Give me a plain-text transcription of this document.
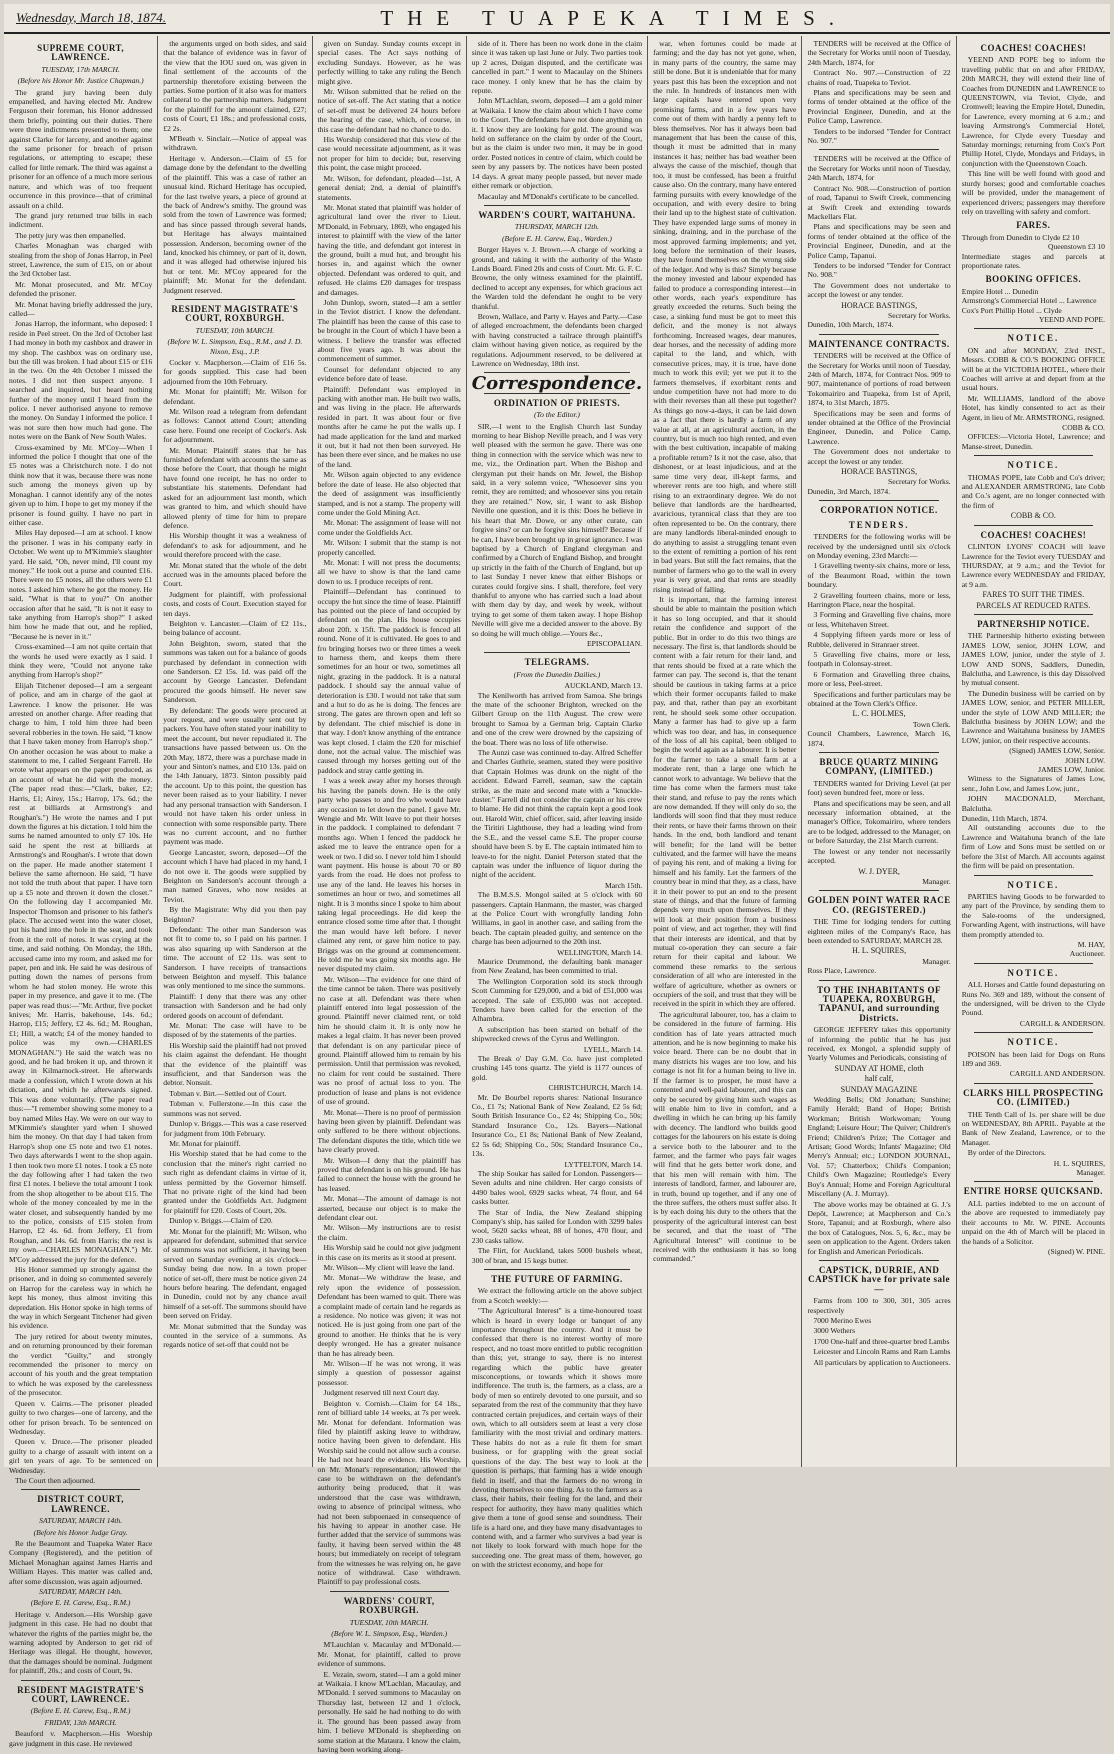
Wednesday, March 18, 1874.	THE TUAPEKA TIMES.
SUPREME COURT, LAWRENCE.
TUESDAY, 17th MARCH.
(Before his Honor Mr. Justice Chapman.)

The grand jury having been duly empanelled, and having elected Mr. Andrew Ferguson their foreman, his Honor addressed them briefly, pointing out their duties. There were three indictments presented to them; one against Clarke for larceny, and another against the same prisoner for breach of prison regulations, or attempting to escape; these called for little remark. The third was against a prisoner for an offence of a much more serious nature, and which was of too frequent occurrence in this province—that of criminal assault on a child.

The grand jury returned true bills in each indictment.

The petty jury was then empanelled.

Charles Monaghan was charged with stealing from the shop of Jonas Harrop, in Peel street, Lawrence, the sum of £15, on or about the 3rd October last.

Mr. Monat prosecuted, and Mr. M'Coy defended the prisoner.

Mr. Monat having briefly addressed the jury, called—

Jonas Harrop, the informant, who deposed: I reside in Peel street. On the 3rd of October last I had money in both my cashbox and drawer in my shop. The cashbox was on ordinary use, but the till was broken. I had about £15 or £16 in the two. On the 4th October I missed the notes. I did not then suspect anyone. I searched and inquired, but heard nothing further of the money until I heard from the police. I never authorised anyone to remove the money. On Sunday I informed the police. I was not sure then how much had gone. The notes were on the Bank of New South Wales.

Cross-examined by Mr. M'Coy—When I informed the police I thought that one of the £5 notes was a Christchurch note. I do not think now that it was, because there was none such among the moneys given up by Monaghan. I cannot identify any of the notes given up to him. I hope to get my money if the prisoner is found guilty. I have no part in either case.

Miles Hay deposed—I am at school. I know the prisoner. I was in his company early in October. We went up to M'Kimmie's slaughter yard. He said, "Oh, never mind, I'll count my money." He took out a purse and counted £16. There were no £5 notes, all the others were £1 notes. I asked him where he got the money. He said, "What is that to you?" On another occasion after that he said, "It is not it easy to take anything from Harrop's shop?" I asked him how he made that out, and he replied, "Because he is never in it."

Cross-examined—I am not quite certain that the words he used were exactly as I said. I think they were, "Could not anyone take anything from Harrop's shop?"

Elijah Titchener deposed—I am a sergeant of police, and am in charge of the gaol at Lawrence. I know the prisoner. He was arrested on another charge. After reading that charge to him, I told him three had been several robberies in the town. He said, "I know that I have taken money from Harrop's shop." On another occasion he was about to make a statement to me, I called Sergeant Farrell. He wrote what appears on the paper produced, as an account of what he did with the money. (The paper read thus:—"Clark, baker, £2; Harris, £1; Airey, 15s.; Harrop, 17s. 6d.; the rest at billiards at Armstrong's and Roughan's.") He wrote the names and I put down the figures at his dictation. I told him the sums he named amounted to only £7 10s. He said he spent the rest at billiards at Armstrong's and Roughan's. I wrote that down on the paper. He made another statement I believe the same afternoon. He said, "I have not told the truth about that paper. I have torn up a £5 note and thrown it down the closet." On the following day I accompanied Mr. Inspector Thomson and prisoner to his father's place. The accused went into the water closet, put his hand into the hole in the seat, and took from it the roll of notes. It was crying at the time, and said nothing. On Monday, the 18th, accused came into my room, and asked me for paper, pen and ink. He said he was desirous of putting down the names of persons from whom he had stolen money. He wrote this paper in my presence, and gave it to me. (The paper was read thus:—"Mr. Arthur, five pocket knives; Mr. Harris, bakehouse, 14s. 6d.; Harrop, £15; Jeffery, £2 4s. 6d.; M. Roughan, £1; Hill, a watch; £4 of the money handed to police was my own.—CHARLES MONAGHAN.") He said the watch was no good, and he had broken it up, and thrown it away in Kilmarnock-street. He afterwards made a confession, which I wrote down at his dictation, and which he afterwards signed. This was done voluntarily. (The paper read thus:—"I remember showing some money to a boy named Miles Hay. We were on our way to M'Kimmie's slaughter yard when I showed him the money. On that day I had taken from Harrop's shop one £5 note and two £1 notes. Two days afterwards I went to the shop again. I then took two more £1 notes. I took a £5 note the day following after I had taken the two first £1 notes. I believe the total amount I took from the shop altogether to be about £15. The whole of the money concealed by me in the water closet, and subsequently handed by me to the police, consists of £15 stolen from Harrop, £2 4s. 6d. from Jeffery, £1 from Roughan, and 14s. 6d. from Harris; the rest is my own.—CHARLES MONAGHAN.") Mr. M'Coy addressed the jury for the defence.

His Honor summed up strongly against the prisoner, and in doing so commented severely on Harrop for the careless way in which he kept his money, thus almost inviting this depredation. His Honor spoke in high terms of the way in which Sergeant Titchener had given his evidence.

The jury retired for about twenty minutes, and on returning pronounced by their foreman the verdict "Guilty," and strongly recommended the prisoner to mercy on account of his youth and the great temptation to which he was exposed by the carelessness of the prosecutor.

Queen v. Cairns.—The prisoner pleaded guilty to two charges—one of larceny, and the other for prison breach. To be sentenced on Wednesday.

Queen v. Druce.—The prisoner pleaded guilty to a charge of assault with intent on a girl ten years of age. To be sentenced on Wednesday.

The Court then adjourned.

DISTRICT COURT, LAWRENCE.
SATURDAY, MARCH 14th.
(Before his Honor Judge Gray.

Re the Beaumont and Tuapeka Water Race Company (Registered), and the petition of Michael Monaghan against James Harris and William Hayes. This matter was called and, after some discussion, was again adjourned.

SATURDAY, MARCH 14th.
(Before E. H. Carew, Esq., R.M.)

Heritage v. Anderson.—His Worship gave judgment in this case. He had no doubt that whatever the rights of the parties might be, the warning adopted by Anderson to get rid of Heritage was illegal. He thought, however, that the damages should be nominal. Judgment for plaintiff, 20s.; and costs of Court, 9s.

RESIDENT MAGISTRATE'S COURT, LAWRENCE.
(Before E. H. Carew, Esq., R.M.)
FRIDAY, 13th MARCH.

Beauford v. Macpherson.—His Worship gave judgment in this case. He reviewed

the arguments urged on both sides, and said that the balance of evidence was in favor of the view that the IOU sued on, was given in final settlement of the accounts of the partnership theretofore existing between the parties. Some portion of it also was for matters collateral to the partnership matters. Judgment for the plaintiff for the amount claimed, £27; costs of Court, £1 18s.; and professional costs, £2 2s.

M'Beath v. Sinclair.—Notice of appeal was withdrawn.

Heritage v. Anderson.—Claim of £5 for damage done by the defendant to the dwelling of the plaintiff. This was a case of rather an unusual kind. Richard Heritage has occupied, for the last twelve years, a piece of ground at the back of Andrew's smithy. The ground was sold from the town of Lawrence was formed; and has since passed through several hands, but Heritage has always maintained possession. Anderson, becoming owner of the land, knocked his chimney, or part of it, down, and it was alleged had otherwise injured his hut or tent. Mr. M'Coy appeared for the plaintiff; Mr. Monat for the defendant. Judgment reserved.

RESIDENT MAGISTRATE'S COURT, ROXBURGH.
TUESDAY, 10th MARCH.
(Before W. L. Simpson, Esq., R.M., and J. D. Nixon, Esq., J.P.

Cocker v. Macpherson.—Claim of £16 5s. for goods supplied. This case had been adjourned from the 10th February.

Mr. Monat for plaintiff; Mr. Wilson for defendant.

Mr. Wilson read a telegram from defendant as follows: Cannot attend Court; attending case here. Found one receipt of Cocker's. Ask for adjournment.

Mr. Monat: Plaintiff states that he has furnished defendant with accounts the same as those before the Court, that though he might have found one receipt, he has no order to substantiate his statements. Defendant had asked for an adjournment last month, which was granted to him, and which should have allowed plenty of time for him to prepare defence.

His Worship thought it was a weakness of defendant's to ask for adjournment, and he would therefore proceed with the case.

Mr. Monat stated that the whole of the debt accrued was in the amounts placed before the Court.

Judgment for plaintiff, with professional costs, and costs of Court. Execution stayed for ten days.

Beighton v. Lancaster.—Claim of £2 11s., being balance of account.

John Beighton, sworn, stated that the summons was taken out for a balance of goods purchased by defendant in connection with one Sanderson. £2 15s. 1d. was paid off the account by George Lancaster. Defendant procured the goods himself. He never saw Sanderson.

By defendant: The goods were procured at your request, and were usually sent out by packers. You have often stated your inability to meet the account, but never repudiated it. The transactions have passed between us. On the 20th May, 1872, there was a purchase made in your and Sinton's names, and £10 13s. paid on the 14th January, 1873. Sinton possibly paid the account. Up to this point, the question has never been raised as to your liability. I never had any personal transaction with Sanderson. I would not have taken his order unless in connection with some responsible party. There was no current account, and no further payment was made.

George Lancaster, sworn, deposed—Of the account which I have had placed in my hand, I do not owe it. The goods were supplied by Beighton on Sanderson's account through a man named Graves, who now resides at Teviot.

By the Magistrate: Why did you then pay Beighton?

Defendant: The other man Sanderson was not fit to come to, so I paid on his partner. I was also squaring up with Sanderson at the time. The account of £2 11s. was sent to Sanderson. I have receipts of transactions between Beighton and myself. This balance was only mentioned to me since the summons.

Plaintiff: I deny that there was any other transaction with Sanderson and he had only ordered goods on account of defendant.

Mr. Monat: The case will have to be disposed of by the statements of the parties.

His Worship said the plaintiff had not proved his claim against the defendant. He thought that the evidence of the plaintiff was insufficient, and that Sanderson was the debtor. Nonsuit.

Tobman v. Birt.—Settled out of Court.

Tobman v. Fullerstone.—In this case the summons was not served.

Dunlop v. Briggs.—This was a case reserved for judgment from 10th February.

Mr. Monat for plaintiff.

His Worship stated that he had come to the conclusion that the miner's right carried no such right as defendant claims in virtue of it, unless permitted by the Governor himself. That no private right of the kind had been granted under the Goldfields Act. Judgment for plaintiff for £20. Costs of Court, 20s.

Dunlop v. Briggs.—Claim of £20.

Mr. Monat for the plaintiff; Mr. Wilson, who appeared for defendant, submitted that service of summons was not sufficient, it having been served on Saturday evening at six o'clock—Sunday being due now. In a town proper notice of set-off, there must be notice given 24 hours before hearing. The defendant, engaged in Dunedin, could not by any chance avail himself of a set-off. The summons should have been served on Friday.

Mr. Monat submitted that the Sunday was counted in the service of a summons. As regards notice of set-off that could not be

given on Sunday. Sunday counts except in special cases. The Act says nothing of excluding Sundays. However, as he was perfectly willing to take any ruling the Bench might give.

Mr. Wilson submitted that he relied on the notice of set-off. The Act stating that a notice of set-off must be delivered 24 hours before the hearing of the case, which, of course, in this case the defendant had no chance to do.

His Worship considered that this view of the case would necessitate adjournment, as it was not proper for him to decide; but, reserving this point, the case might proceed.

Mr. Wilson, for defendant, pleaded—1st, A general denial; 2nd, a denial of plaintiff's statements.

Mr. Monat stated that plaintiff was holder of agricultural land over the river to Lieut. M'Donald, in February, 1869, who engaged his interest to plaintiff with the view of the latter having the title, and defendant got interest in the ground, built a mud hut, and brought his horses in, and against which the owner objected. Defendant was ordered to quit, and refused. He claims £20 damages for trespass and damages.

John Dunlop, sworn, stated—I am a settler in the Teviot district. I know the defendant. The plaintiff has been the cause of this case to be brought in the Court of which I have been a witness. I believe the transfer was effected about five years ago. It was about the commencement of summer.

Counsel for defendant objected to any evidence before date of lease.

Plaintiff: Defendant was employed in packing with another man. He built two walls, and was living in the place. He afterwards resided in part. It was about four or five months after he came he put the walls up. I had made application for the land and marked it out, but it had not then been surveyed. He has been there ever since, and he makes no use of the land.

Mr. Wilson again objected to any evidence before the date of lease. He also objected that the deed of assignment was insufficiently stamped, and is not a stamp. The property will come under the Gold Mining Act.

Mr. Monat: The assignment of lease will not come under the Goldfields Act.

Mr. Wilson: I submit that the stamp is not properly cancelled.

Mr. Monat: I will not press the documents; all we have to show is that the land came down to us. I produce receipts of rent.

Plaintiff—Defendant has continued to occupy the hut since the time of lease. Plaintiff has pointed out the piece of land occupied by defendant on the plan. His house occupies about 20ft. x 15ft. The paddock is fenced all round. None of it is cultivated. He goes to and fro bringing horses two or three times a week to harness them, and keeps them there sometimes for an hour or two, sometimes all night, grazing in the paddock. It is a natural paddock. I should say the annual value of deterioration is £30. I would not take that sum and a hut to do as he is doing. The fences are strong. The gates are thrown open and left so by defendant. The chief mischief is done in that way. I don't know anything of the entrance was kept closed. I claim the £20 for mischief done, not the actual value. The mischief was caused through my horses getting out of the paddock and stray cattle getting in.

I was a week away after my horses through his having the panels down. He is the only party who passes to and fro who would have any occasion to let down the panel. I gave Mr. Wengie and Mr. Wilt leave to put their horses in the paddock. I complained to defendant 7 months ago. When I fenced the paddock he asked me to leave the entrance open for a week or two. I did so. I never told him I should want payment. His house is about 70 or 80 yards from the road. He does not profess to use any of the land. He leaves his horses in sometimes an hour or two, and sometimes all night. It is 3 months since I spoke to him about taking legal proceedings. He did keep the entrance closed some time after that. I thought the man would have left before. I never claimed any rent, or gave him notice to pay. Briggs was on the ground at commencement. He told me he was going six months ago. He never disputed my claim.

Mr. Wilson—The evidence for one third of the time cannot be taken. There was positively no case at all. Defendant was there when plaintiff entered into legal possession of the ground. Plaintiff never claimed rent, or told him he should claim it. It is only now he makes a legal claim. It has never been proved that defendant is on any particular piece of ground. Plaintiff allowed him to remain by his permission. Until that permission was revoked, no claim for rent could be sustained. There was no proof of actual loss to you. The production of lease and plans is not evidence of use of ground.

Mr. Monat—There is no proof of permission having been given by plaintiff. Defendant was only suffered to be there without objections. The defendant disputes the title, which title we have clearly proved.

Mr. Wilson—I deny that the plaintiff has proved that defendant is on his ground. He has failed to connect the house with the ground he has leased.

Mr. Monat—The amount of damage is not asserted, because our object is to make the defendant clear out.

Mr. Wilson—My instructions are to resist the claim.

His Worship said he could not give judgment in this case on its merits as it stood at present.

Mr. Wilson—My client will leave the land.

Mr. Monat—We withdraw the lease, and rely upon the evidence of possession. Defendant has been warned to quit. There was a complaint made of certain land he regards as a residence. No notice was given; it was not noticed. He is just going from one part of the ground to another. He thinks that he is very deeply wronged. He has a greater nuisance than he has already been.

Mr. Wilson—If he was not wrong, it was simply a question of possessor against possessor.

Judgment reserved till next Court day.

Beighton v. Cornish.—Claim for £4 18s., rent of billiard table 14 weeks, at 7s per week. Mr. Monat for defendant. Information was filed by plaintiff asking leave to withdraw, notice having been given to defendant. His Worship said he could not allow such a course. He had not heard the evidence. His Worship, on Mr. Monat's representation, allowed the case to be withdrawn on the defendant's authority being produced, that it was understood that the case was withdrawn, owing to absence of principal witness, who had not been subpoenaed in consequence of his having to appear in another case. He further added that the service of summons was faulty, it having been served within the 48 hours; but immediately on receipt of telegram from the witnesses he was relying on, he gave notice of withdrawal. Case withdrawn. Plaintiff to pay professional costs.

WARDENS' COURT, ROXBURGH.
TUESDAY, 10th MARCH.
(Before W. L. Simpson, Esq., Warden.)

M'Lauchlan v. Macaulay and M'Donald.—Mr. Monat, for plaintiff, called to prove evidence of summons.

E. Vezain, sworn, stated—I am a gold miner at Waikaia. I know M'Lachlan, Macaulay, and M'Donald. I served summons to Macaulay on Thursday last, between 12 and 1 o'clock, personally. He said he had nothing to do with it. The ground has been passed away from him. I believe M'Donald is shepherding on some station at the Mataura. I know the claim, having been working along-

side of it. There has been no work done in the claim since it was taken up last June or July. Two parties took up 2 acres, Duigan disputed, and the certificate was cancelled in part." I went to Macaulay on the Shiners race money. I only knew that he has the claim by repute.

John M'Lachlan, sworn, deposed—I am a gold miner at Waikaia. I know the claim about which I have come to the Court. The defendants have not done anything on it. I know they are looking for gold. The ground was held on sufferance on the claim by order of the Court, but as the claim is under two men, it may be in good order. Posted notices in centre of claim, which could be seen by any passers by. The notices have been posted 14 days. A great many people passed, but never made either remark or objection.

Macaulay and M'Donald's certificate to be cancelled.

WARDEN'S COURT, WAITAHUNA.
THURSDAY, MARCH 12th.
(Before E. H. Carew, Esq., Warden.)

Burger Hayes v. J. Brown.—A charge of working a ground, and taking it with the authority of the Waste Lands Board. Fined 20s and costs of Court. Mr. G. F. C. Browne, the only witness examined for the plaintiff, declined to accept any expenses, for which gracious act the Warden told the defendant he ought to be very thankful.

Brown, Wallace, and Party v. Hayes and Party.—Case of alleged encroachment, the defendants been charged with having constructed a tailrace through plaintiff's claim without having given notice, as required by the regulations. Adjournment reserved, to be delivered at Lawrence on Wednesday, 18th inst.

Correspondence.
ORDINATION OF PRIESTS.
(To the Editor.)

SIR,—I went to the English Church last Sunday morning to hear Bishop Neville preach, and I was very well pleased with the sermon he gave. There was one thing in connection with the service which was new to me, viz., the Ordination part. When the Bishop and clergyman put their hands on Mr. Jewel, the Bishop said, in a very solemn voice, "Whosoever sins you remit, they are remitted; and whosoever sins you retain they are retained." Now, sir, I want to ask Bishop Neville one question, and it is this: Does he believe in his heart that Mr. Dowe, or any other curate, can forgive sins? or can he forgive sins himself? Because if he can, I have been brought up in great ignorance. I was baptised by a Church of England clergyman and confirmed by a Church of England Bishop, and brought up strictly in the faith of the Church of England, but up to last Sunday I never knew that either Bishops or curates could forgive sins. I shall, therefore, feel very thankful to anyone who has carried such a load about with them day by day, and week by week, without trying to get some of them taken away. I hope Bishop Neville will give me a decided answer to the above. By so doing he will much oblige.—Yours &c.,

EPISCOPALIAN.
TELEGRAMS.
(From the Dunedin Dailies.)
AUCKLAND, March 13.

The Kenilworth has arrived from Samoa. She brings the mate of the schooner Brighton, wrecked on the Gilbert Group on the 11th August. The crew were brought to Samoa by a German brig. Captain Clarke and one of the crew were drowned by the capsizing of the boat. There was no loss of life otherwise.

The Aunzi case was continued to-day. Alfred Scheffer and Charles Guthrie, seamen, stated they were positive that Captain Holmes was drunk on the night of the accident. Edward Farrell, seaman, saw the captain strike, as the mate and second mate with a "knuckle-duster." Farrell did not consider the captain or his crew to blame. He did not think the captain kept a good look out. Harold Witt, chief officer, said, after leaving inside the Tiritiri Lighthouse, they had a leading wind from the S.E., and the vessel came S.E. The proper course should have been S. by E. The captain intimated him to leave-to for the night. Daniel Peterson stated that the captain was under the influence of liquor during the night of the accident.

March 15th.

The B.M.S.S. Mongol sailed at 5 o'clock with 60 passengers. Captain Hanmann, the master, was charged at the Police Court with wrongfully landing John Williams, in gaol in another case, and sailing from the beach. The captain pleaded guilty, and sentence on the charge has been adjourned to the 20th inst.

WELLINGTON, March 14.

Maurice Drummond, the defaulting bank manager from New Zealand, has been committed to trial.

The Wellington Corporation sold its stock through Scott Cumming for £29,000, and a bid of £51,000 was accepted. The sale of £35,000 was not accepted. Tenders have been called for the erection of the Alhambra.

A subscription has been started on behalf of the shipwrecked crews of the Cyrus and Wellington.

LYELL, March 14.

The Break o' Day G.M. Co. have just completed crushing 145 tons quartz. The yield is 1177 ounces of gold.

CHRISTCHURCH, March 14.

Mr. De Bourbel reports shares: National Insurance Co., £1 7s; National Bank of New Zealand, £2 5s 6d; South British Insurance Co., £2 4s; Shipping Co., 50s; Standard Insurance Co., 12s. Bayers—National Insurance Co., £1 8s; National Bank of New Zealand, £2 5s 6d; Shipping Co., 50s; Standard Insurance Co., 13s.

LYTTELTON, March 14.

The ship Soukar has sailed for London. Passengers—Seven adults and nine children. Her cargo consists of 4490 bales wool, 6929 sacks wheat, 74 flour, and 64 casks butter.

The Star of India, the New Zealand shipping Company's ship, has sailed for London with 3299 bales wool, 5620 sacks wheat, 88 of hones, 470 flour, and 230 casks tallow.

The Flirt, for Auckland, takes 5000 bushels wheat, 300 of bran, and 15 kegs butter.

THE FUTURE OF FARMING.

We extract the following article on the above subject from a Scotch weekly:—

"The Agricultural Interest" is a time-honoured toast which is heard in every lodge or banquet of any importance throughout the country. And it must be confessed that there is no interest worthy of more respect, and no toast more entitled to public recognition than this; yet, strange to say, there is no interest regarding which the public have greater misconceptions, or towards which it shows more indifference. The truth is, the farmers, as a class, are a body of men so entirely devoted to one pursuit, and so separated from the rest of the community that they have contracted certain prejudices, and certain ways of their own, which to all outsiders seem at least a very close familiarity with the most trivial and ordinary matters. These habits do not as a rule fit them for smart business, or for grappling with the great social questions of the day. The best way to look at the question is perhaps, that farming has a wide enough field in itself, and that the farmers do no wrong in devoting themselves to one thing. As to the farmers as a class, their habits, their feeling for the land, and their respect for authority, they have many qualities which give them a tone of good sense and soundness. Their life is a hard one, and they have many disadvantages to contend with, and a farmer who survives a bad year is not likely to look forward with much hope for the succeeding one. The great mass of them, however, go on with the strictest economy, and hope for

war, when fortunes could be made at farming; and the day has not yet gone, when, in many parts of the country, the same may still be done. But it is undeniable that for many years past this has been the exception and not the rule. In hundreds of instances men with large capitals have entered upon very promising farms, and in a few years have come out of them with hardly a penny left to bless themselves. Nor has it always been bad management that has been the cause of this, though it must be admitted that in many instances it has; neither has bad weather been always the cause of the mischief, though that too, it must be confessed, has been a fruitful cause also. On the contrary, many have entered farming pursuits with every knowledge of the occupation, and with every desire to bring their land up to the highest state of cultivation. They have expended large sums of money in sinking, draining, and in the purchase of the most approved farming implements; and yet, long before the termination of their leases, they have found themselves on the wrong side of the ledger. And why is this? Simply because the money invested and labour expended has failed to produce a corresponding interest—in other words, each year's expenditure has greatly exceeded the returns. Such being the case, a sinking fund must be got to meet this deficit, and the money is not always forthcoming. Increased wages, dear manures, dear horses, and the necessity of adding more capital to the land, and which, with consecutive prices, may, it is true, have done much to work this evil; yet we put it to the farmers themselves, if exorbitant rents and undue competition have not had more to do with their reverses than all these put together? As things go now-a-days, it can be laid down as a fact that there is hardly a farm of any value at all, at an agricultural auction, in the country, but is much too high rented, and even with the best cultivation, incapable of making a profitable return? Is it not the case, also, that dishonest, or at least injudicious, and at the same time very dear, ill-kept farms, and wherever rents are too high, and where still rising to an extraordinary degree. We do not believe that landlords are the hardhearted, avaricious, tyrannical class that they are too often represented to be. On the contrary, there are many landlords liberal-minded enough to do anything to assist a struggling tenant even to the extent of remitting a portion of his rent in bad years. But still the fact remains, that the number of farmers who go to the wall in every year is very great, and that rents are steadily rising instead of falling.

It is important, that the farming interest should be able to maintain the position which it has so long occupied, and that it should retain the confidence and support of the public. But in order to do this two things are necessary. The first is, that landlords should be content with a fair return for their land, and that rents should be fixed at a rate which the farmer can pay. The second is, that the tenant should be cautious in taking farms at a price which their former occupants failed to make pay, and that, rather than pay an exorbitant rent, he should seek some other occupation. Many a farmer has had to give up a farm which was too dear, and has, in consequence of the loss of all his capital, been obliged to begin the world again as a labourer. It is better for the farmer to take a small farm at a moderate rent, than a large one which he cannot work to advantage. We believe that the time has come when the farmers must take their stand, and refuse to pay the rents which are now demanded. If they will only do so, the landlords will soon find that they must reduce their rents, or have their farms thrown on their hands. In the end, both landlord and tenant will benefit; for the land will be better cultivated, and the farmer will have the means of paying his rent, and of making a living for himself and his family. Let the farmers of the country bear in mind that they, as a class, have it in their power to put an end to the present state of things, and that the future of farming depends very much upon themselves. If they will look at their position from a business point of view, and act together, they will find that their interests are identical, and that by mutual co-operation they can secure a fair return for their capital and labour. We commend these remarks to the serious consideration of all who are interested in the welfare of agriculture, whether as owners or occupiers of the soil, and trust that they will be received in the spirit in which they are offered.

The agricultural labourer, too, has a claim to be considered in the future of farming. His condition has of late years attracted much attention, and he is now beginning to make his voice heard. There can be no doubt that in many districts his wages are too low, and his cottage is not fit for a human being to live in. If the farmer is to prosper, he must have a contented and well-paid labourer, and this can only be secured by giving him such wages as will enable him to live in comfort, and a dwelling in which he can bring up his family with decency. The landlord who builds good cottages for the labourers on his estate is doing a service both to the labourer and to the farmer, and the farmer who pays fair wages will find that he gets better work done, and that his men will remain with him. The interests of landlord, farmer, and labourer are, in truth, bound up together, and if any one of the three suffers, the others must suffer also. It is by each doing his duty to the others that the prosperity of the agricultural interest can best be secured, and that the toast of "The Agricultural Interest" will continue to be received with the enthusiasm it has so long commanded."

TENDERS will be received at the Office of the Secretary for Works until noon of Tuesday, 24th March, 1874, for

Contract No. 907.—Construction of 22 chains of road, Tuapeka to Teviot.

Plans and specifications may be seen and forms of tender obtained at the office of the Provincial Engineer, Dunedin, and at the Police Camp, Lawrence.

Tenders to be indorsed "Tender for Contract No. 907."

TENDERS will be received at the Office of the Secretary for Works until noon of Tuesday, 24th March, 1874, for

Contract No. 908.—Construction of portion of road, Tapanui to Swift Creek, commencing at Swift Creek and extending towards Mackellars Flat.

Plans and specifications may be seen and forms of tender obtained at the office of the Provincial Engineer, Dunedin, and at the Police Camp, Tapanui.

Tenders to be indorsed "Tender for Contract No. 908."

The Government does not undertake to accept the lowest or any tender.

HORACE BASTINGS,
Secretary for Works.
Dunedin, 10th March, 1874.
MAINTENANCE CONTRACTS.

TENDERS will be received at the Office of the Secretary for Works until noon of Tuesday, 24th of March, 1874, for Contract Nos. 909 to 907, maintenance of portions of road between Tokomairiro and Tuapeka, from 1st of April, 1874, to 31st March, 1875.

Specifications may be seen and forms of tender obtained at the Office of the Provincial Engineer, Dunedin, and Police Camp, Lawrence.

The Government does not undertake to accept the lowest or any tender.

HORACE BASTINGS,
Secretary for Works.
Dunedin, 3rd March, 1874.
CORPORATION NOTICE.
TENDERS.

TENDERS for the following works will be received by the undersigned until six o'clock on Monday evening, 23rd March:—

1 Gravelling twenty-six chains, more or less, of the Beaumont Road, within the town boundary.

2 Gravelling fourteen chains, more or less, Harrington Place, near the hospital.

3 Forming and Gravelling five chains, more or less, Whitehaven Street.

4 Supplying fifteen yards more or less of Rubble, delivered in Stranraer street.

5 Gravelling five chains, more or less, footpath in Colonsay-street.

6 Formation and Gravelling three chains, more or less, Peel-street.

Specifications and further particulars may be obtained at the Town Clerk's Office.

L. C. HOLMES,
Town Clerk.
Council Chambers, Lawrence, March 16, 1874.
BRUCE QUARTZ MINING COMPANY, (LIMITED.)

TENDERS wanted for Driving Level (at per foot) seven hundred feet, more or less.

Plans and specifications may be seen, and all necessary information obtained, at the manager's Office, Tokomairiro, where tenders are to be lodged, addressed to the Manager, on or before Saturday, the 21st March current.

The lowest or any tender not necessarily accepted.

W. J. DYER,
Manager.
GOLDEN POINT WATER RACE CO. (REGISTERED.)

THE Time for lodging tenders for cutting eighteen miles of the Company's Race, has been extended to SATURDAY, MARCH 28.

H. L. SQUIRES,
Manager.
Ross Place, Lawrence.
TO THE INHABITANTS OF TUAPEKA, ROXBURGH, TAPANUI, and surrounding Districts.

GEORGE JEFFERY takes this opportunity of informing the public that he has just received, ex Mongol, a splendid supply of Yearly Volumes and Periodicals, consisting of

SUNDAY AT HOME, cloth
half calf,
SUNDAY MAGAZINE

Wedding Bells; Old Jonathan; Sunshine; Family Herald; Band of Hope; British Workman; British Workwoman; Young England; Leisure Hour; The Quiver; Children's Friend; Children's Prize; The Cottager and Artisan; Good Words; Infants' Magazine; Old Merry's Annual; etc.; LONDON JOURNAL, Vol. 57; Chatterbox; Child's Companion; Child's Own Magazine; Routledge's Every Boy's Annual; Home and Foreign Agricultural Miscellany (A. J. Murray).

The above works may be obtained at G. J.'s Depôt, Lawrence; at Macpherson and Co.'s Store, Tapanui; and at Roxburgh, where also the box of Catalogues, Nos. 5, 6, &c., may be seen on application to the Agent. Orders taken for English and American Periodicals.

CAPSTICK, DURRIE, AND CAPSTICK have for private sale—

Farms from 100 to 300, 301, 305 acres respectively

7000 Merino Ewes

3000 Wethers

1700 One-half and three-quarter bred Lambs

Leicester and Lincoln Rams and Ram Lambs

All particulars by application to Auctioneers.

COACHES! COACHES!

YEEND AND POPE beg to inform the travelling public that on and after FRIDAY, 20th MARCH, they will extend their line of Coaches from DUNEDIN and LAWRENCE to QUEENSTOWN, via Teviot, Clyde, and Cromwell; leaving the Empire Hotel, Dunedin, for Lawrence, every morning at 6 a.m.; and leaving Armstrong's Commercial Hotel, Lawrence, for Clyde every Tuesday and Saturday mornings; returning from Cox's Port Phillip Hotel, Clyde, Mondays and Fridays, in conjunction with the Queenstown Coach.

This line will be well found with good and sturdy horses; good and comfortable coaches will be provided, under the management of experienced drivers; passengers may therefore rely on travelling with safety and comfort.

FARES.
Through from Dunedin to Clyde £2 10
Queenstown £3 10
Intermediate stages and parcels at proportionate rates.
BOOKING OFFICES.
Empire Hotel ... Dunedin
Armstrong's Commercial Hotel ... Lawrence
Cox's Port Phillip Hotel ... Clyde
YEEND AND POPE.
NOTICE.

ON and after MONDAY, 23rd INST., Messrs. COBB & CO.'S BOOKING OFFICE will be at the VICTORIA HOTEL, where their Coaches will arrive at and depart from at the usual hours.

Mr. WILLIAMS, landlord of the above Hotel, has kindly consented to act as their Agent, in lieu of Mr. ARMSTRONG, resigned.

COBB & CO.

OFFICES:—Victoria Hotel, Lawrence; and Manse-street, Dunedin.

NOTICE.

THOMAS POPE, late Cobb and Co's driver; and ALEXANDER ARMSTRONG, late Cobb and Co.'s agent, are no longer connected with the firm of

COBB & CO.
COACHES! COACHES!

CLINTON LYONS' COACH will leave Lawrence for the Teviot every TUESDAY and THURSDAY, at 9 a.m.; and the Teviot for Lawrence every WEDNESDAY and FRIDAY, at 9 a.m.

FARES TO SUIT THE TIMES.
PARCELS AT REDUCED RATES.
PARTNERSHIP NOTICE.

THE Partnership hitherto existing between JAMES LOW, senior, JOHN LOW, and JAMES LOW, junior, under the style of J. LOW AND SONS, Saddlers, Dunedin, Balclutha, and Lawrence, is this day Dissolved by mutual consent.

The Dunedin business will be carried on by JAMES LOW, senior, and PETER MILLER, under the style of LOW AND MILLER; the Balclutha business by JOHN LOW; and the Lawrence and Waitahuna business by JAMES LOW, junior, on their respective accounts.

(Signed) JAMES LOW, Senior.
JOHN LOW.
JAMES LOW, Junior.

Witness to the Signatures of James Low, senr., John Low, and James Low, junr.,

JOHN MACDONALD, Merchant, Balclutha.

Dunedin, 11th March, 1874.

All outstanding accounts due to the Lawrence and Waitahuna branch of the late firm of Low and Sons must be settled on or before the 31st of March. All accounts against the firm will be paid on presentation.

NOTICE.

PARTIES having Goods to be forwarded to any part of the Province, by sending them to the Sale-rooms of the undersigned, Forwarding Agent, with instructions, will have them promptly attended to.

M. HAY,
Auctioneer.
NOTICE.

ALL Horses and Cattle found depasturing on Runs No. 369 and 189, without the consent of the undersigned, will be driven to the Clyde Pound.

CARGILL & ANDERSON.
NOTICE.

POISON has been laid for Dogs on Runs 189 and 369.

CARGILL AND ANDERSON.
CLARKS HILL PROSPECTING CO. (LIMITED.)

THE Tenth Call of 1s. per share will be due on WEDNESDAY, 8th APRIL. Payable at the Bank of New Zealand, Lawrence, or to the Manager.

By order of the Directors.

H. L. SQUIRES,
Manager.
ENTIRE HORSE QUICKSAND.

ALL parties indebted to me on account of the above are requested to immediately pay their accounts to Mr. W. PINE. Accounts unpaid on the 4th of March will be placed in the hands of a Solicitor.

(Signed) W. PINE.
